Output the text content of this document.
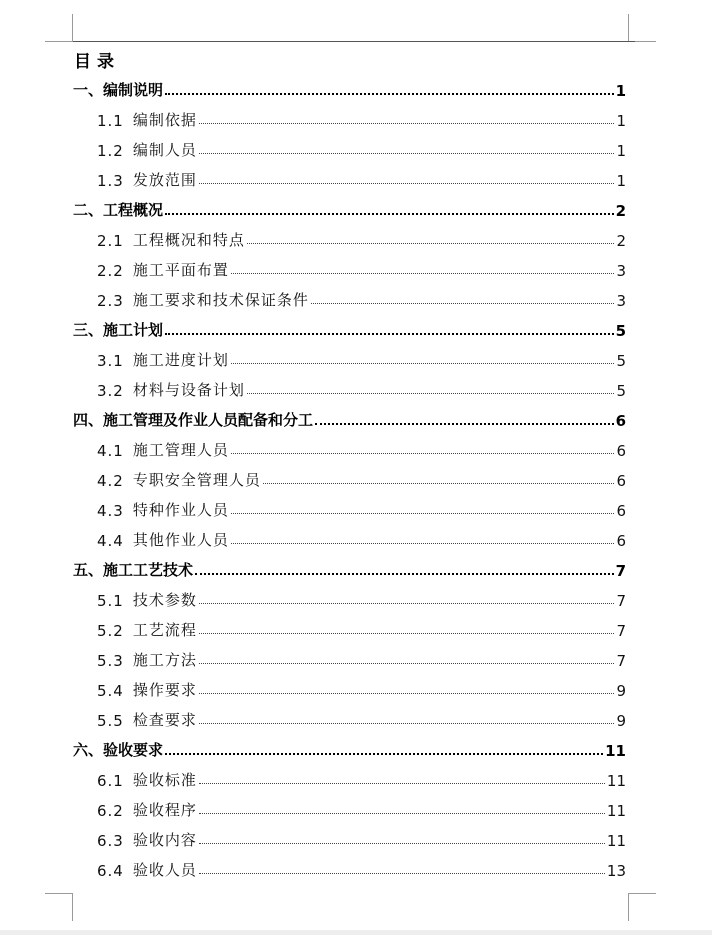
目录
一、 编制说明	1
1.1 编制依据	1
1.2 编制人员	1
1.3 发放范围	1
二、 工程概况	2
2.1 工程概况和特点	2
2.2 施工平面布置	3
2.3 施工要求和技术保证条件	3
三、 施工计划	5
3.1 施工进度计划	5
3.2 材料与设备计划	5
四、 施工管理及作业人员配备和分工	6
4.1 施工管理人员	6
4.2 专职安全管理人员	6
4.3 特种作业人员	6
4.4 其他作业人员	6
五、 施工工艺技术	7
5.1 技术参数	7
5.2 工艺流程	7
5.3 施工方法	7
5.4 操作要求	9
5.5 检查要求	9
六、 验收要求	11
6.1 验收标准	11
6.2 验收程序	11
6.3 验收内容	11
6.4 验收人员	13
